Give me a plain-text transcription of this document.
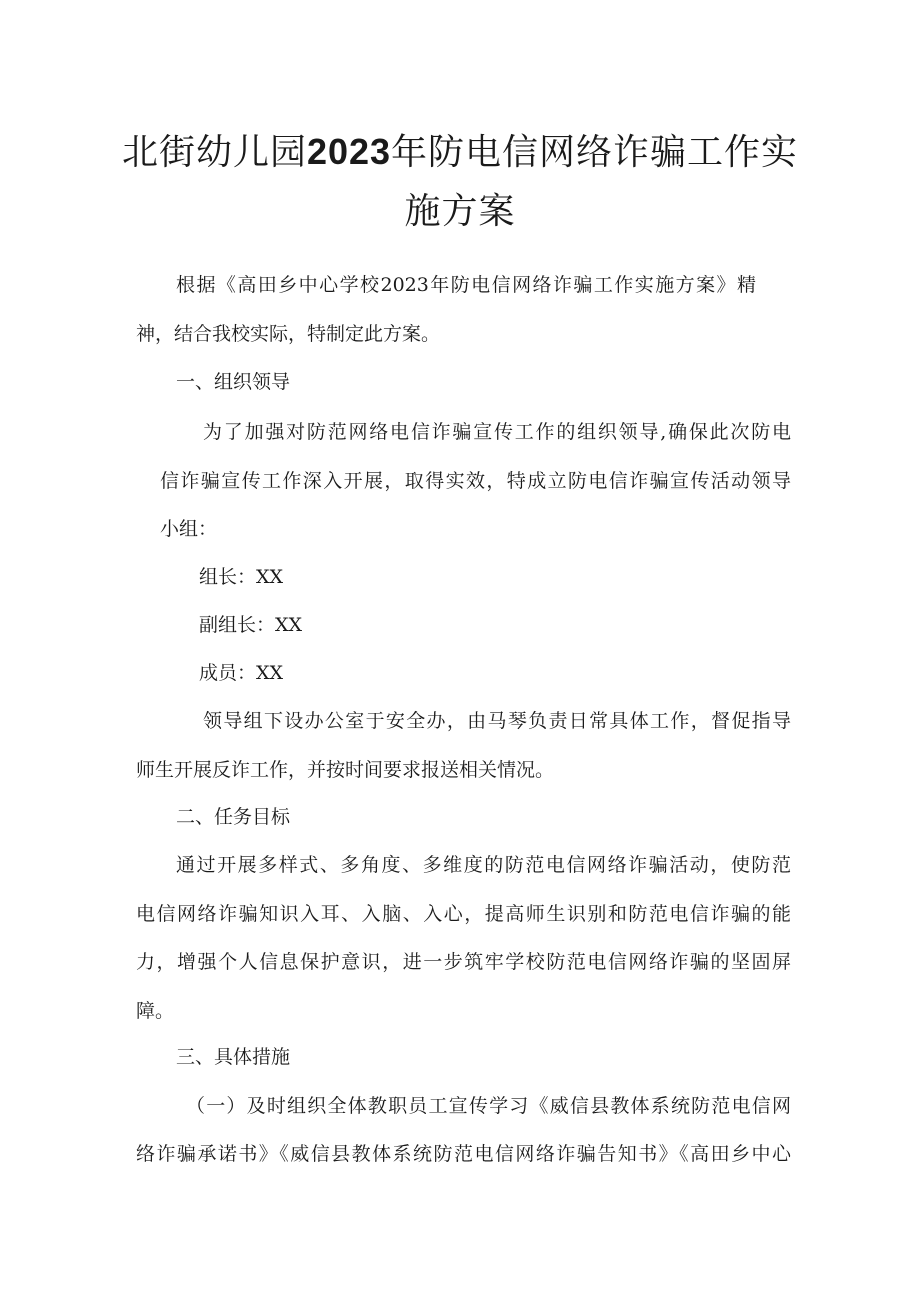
北街幼儿园2023年防电信网络诈骗工作实
施方案

根据《高田乡中心学校2023年防电信网络诈骗工作实施方案》精

神，结合我校实际，特制定此方案。

一、组织领导

为了加强对防范网络电信诈骗宣传工作的组织领导,确保此次防电

信诈骗宣传工作深入开展，取得实效，特成立防电信诈骗宣传活动领导

小组：

组长：XX

副组长：XX

成员：XX

领导组下设办公室于安全办，由马琴负责日常具体工作，督促指导

师生开展反诈工作，并按时间要求报送相关情况。

二、任务目标

通过开展多样式、多角度、多维度的防范电信网络诈骗活动，使防范

电信网络诈骗知识入耳、入脑、入心，提高师生识别和防范电信诈骗的能

力，增强个人信息保护意识，进一步筑牢学校防范电信网络诈骗的坚固屏

障。

三、具体措施

（一）及时组织全体教职员工宣传学习《威信县教体系统防范电信网

络诈骗承诺书》《威信县教体系统防范电信网络诈骗告知书》《高田乡中心
